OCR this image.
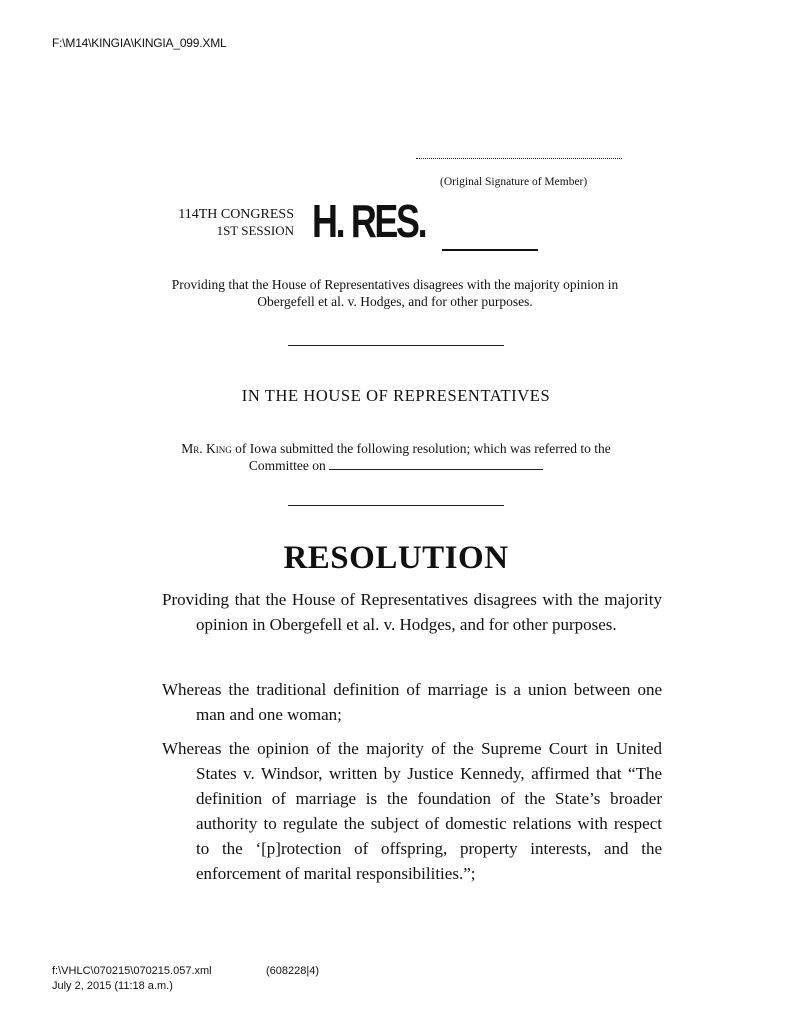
F:\M14\KINGIA\KINGIA_099.XML
(Original Signature of Member)
114TH CONGRESS
1ST SESSION H. RES.
Providing that the House of Representatives disagrees with the majority opinion in Obergefell et al. v. Hodges, and for other purposes.
IN THE HOUSE OF REPRESENTATIVES
Mr. King of Iowa submitted the following resolution; which was referred to the Committee on
RESOLUTION
Providing that the House of Representatives disagrees with the majority opinion in Obergefell et al. v. Hodges, and for other purposes.
Whereas the traditional definition of marriage is a union between one man and one woman;
Whereas the opinion of the majority of the Supreme Court in United States v. Windsor, written by Justice Kennedy, affirmed that “The definition of marriage is the foundation of the State’s broader authority to regulate the subject of domestic relations with respect to the ‘[p]rotection of offspring, property interests, and the enforcement of marital responsibilities.”;
f:\VHLC\070215\070215.057.xml	(608228|4)
July 2, 2015 (11:18 a.m.)
